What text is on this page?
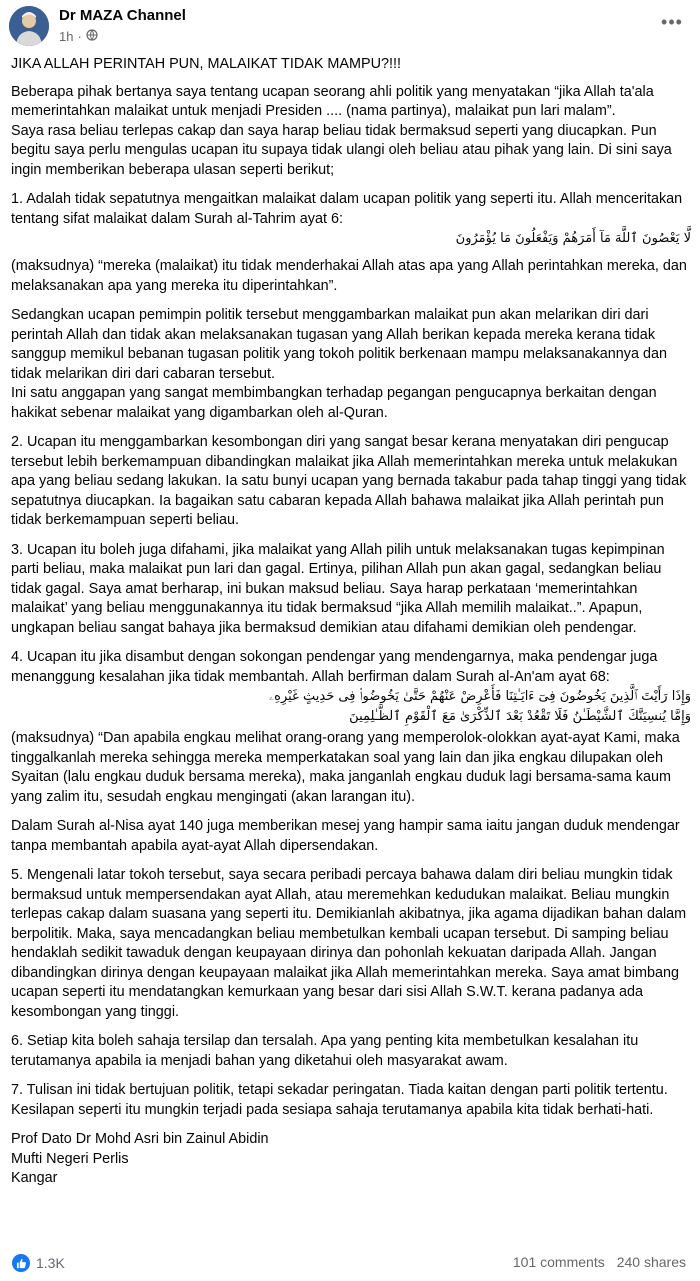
Dr MAZA Channel
1h ·
•••

JIKA ALLAH PERINTAH PUN, MALAIKAT TIDAK MAMPU?!!!

Beberapa pihak bertanya saya tentang ucapan seorang ahli politik yang menyatakan “jika Allah ta'ala memerintahkan malaikat untuk menjadi Presiden .... (nama partinya), malaikat pun lari malam”.
Saya rasa beliau terlepas cakap dan saya harap beliau tidak bermaksud seperti yang diucapkan. Pun begitu saya perlu mengulas ucapan itu supaya tidak ulangi oleh beliau atau pihak yang lain. Di sini saya ingin memberikan beberapa ulasan seperti berikut;

1. Adalah tidak sepatutnya mengaitkan malaikat dalam ucapan politik yang seperti itu. Allah menceritakan tentang sifat malaikat dalam Surah al-Tahrim ayat 6:

لَّا يَعْصُونَ ٱللَّهَ مَآ أَمَرَهُمْ وَيَفْعَلُونَ مَا يُؤْمَرُونَ

(maksudnya) “mereka (malaikat) itu tidak menderhakai Allah atas apa yang Allah perintahkan mereka, dan melaksanakan apa yang mereka itu diperintahkan”.

Sedangkan ucapan pemimpin politik tersebut menggambarkan malaikat pun akan melarikan diri dari perintah Allah dan tidak akan melaksanakan tugasan yang Allah berikan kepada mereka kerana tidak sanggup memikul bebanan tugasan politik yang tokoh politik berkenaan mampu melaksanakannya dan tidak melarikan diri dari cabaran tersebut.
Ini satu anggapan yang sangat membimbangkan terhadap pegangan pengucapnya berkaitan dengan hakikat sebenar malaikat yang digambarkan oleh al-Quran.

2. Ucapan itu menggambarkan kesombongan diri yang sangat besar kerana menyatakan diri pengucap tersebut lebih berkemampuan dibandingkan malaikat jika Allah memerintahkan mereka untuk melakukan apa yang beliau sedang lakukan. Ia satu bunyi ucapan yang bernada takabur pada tahap tinggi yang tidak sepatutnya diucapkan. Ia bagaikan satu cabaran kepada Allah bahawa malaikat jika Allah perintah pun tidak berkemampuan seperti beliau.

3. Ucapan itu boleh juga difahami, jika malaikat yang Allah pilih untuk melaksanakan tugas kepimpinan parti beliau, maka malaikat pun lari dan gagal. Ertinya, pilihan Allah pun akan gagal, sedangkan beliau tidak gagal. Saya amat berharap, ini bukan maksud beliau. Saya harap perkataan ‘memerintahkan malaikat’ yang beliau menggunakannya itu tidak bermaksud “jika Allah memilih malaikat..”. Apapun, ungkapan beliau sangat bahaya jika bermaksud demikian atau difahami demikian oleh pendengar.

4. Ucapan itu jika disambut dengan sokongan pendengar yang mendengarnya, maka pendengar juga menanggung kesalahan jika tidak membantah. Allah berfirman dalam Surah al-An'am ayat 68:

وَإِذَا رَأَيْتَ ٱلَّذِينَ يَخُوضُونَ فِىٓ ءَايَـٰتِنَا فَأَعْرِضْ عَنْهُمْ حَتَّىٰ يَخُوضُوا۟ فِى حَدِيثٍ غَيْرِهِۦ
وَإِمَّا يُنسِيَنَّكَ ٱلشَّيْطَـٰنُ فَلَا تَقْعُدْ بَعْدَ ٱلذِّكْرَىٰ مَعَ ٱلْقَوْمِ ٱلظَّـٰلِمِينَ

(maksudnya) “Dan apabila engkau melihat orang-orang yang memperolok-olokkan ayat-ayat Kami, maka tinggalkanlah mereka sehingga mereka memperkatakan soal yang lain dan jika engkau dilupakan oleh Syaitan (lalu engkau duduk bersama mereka), maka janganlah engkau duduk lagi bersama-sama kaum yang zalim itu, sesudah engkau mengingati (akan larangan itu).

Dalam Surah al-Nisa ayat 140 juga memberikan mesej yang hampir sama iaitu jangan duduk mendengar tanpa membantah apabila ayat-ayat Allah dipersendakan.

5. Mengenali latar tokoh tersebut, saya secara peribadi percaya bahawa dalam diri beliau mungkin tidak bermaksud untuk mempersendakan ayat Allah, atau meremehkan kedudukan malaikat. Beliau mungkin terlepas cakap dalam suasana yang seperti itu. Demikianlah akibatnya, jika agama dijadikan bahan dalam berpolitik. Maka, saya mencadangkan beliau membetulkan kembali ucapan tersebut. Di samping beliau hendaklah sedikit tawaduk dengan keupayaan dirinya dan pohonlah kekuatan daripada Allah. Jangan dibandingkan dirinya dengan keupayaan malaikat jika Allah memerintahkan mereka. Saya amat bimbang ucapan seperti itu mendatangkan kemurkaan yang besar dari sisi Allah S.W.T. kerana padanya ada kesombongan yang tinggi.

6. Setiap kita boleh sahaja tersilap dan tersalah. Apa yang penting kita membetulkan kesalahan itu terutamanya apabila ia menjadi bahan yang diketahui oleh masyarakat awam.

7. Tulisan ini tidak bertujuan politik, tetapi sekadar peringatan. Tiada kaitan dengan parti politik tertentu. Kesilapan seperti itu mungkin terjadi pada sesiapa sahaja terutamanya apabila kita tidak berhati-hati.

Prof Dato Dr Mohd Asri bin Zainul Abidin
Mufti Negeri Perlis
Kangar

1.3K	101 comments 240 shares
